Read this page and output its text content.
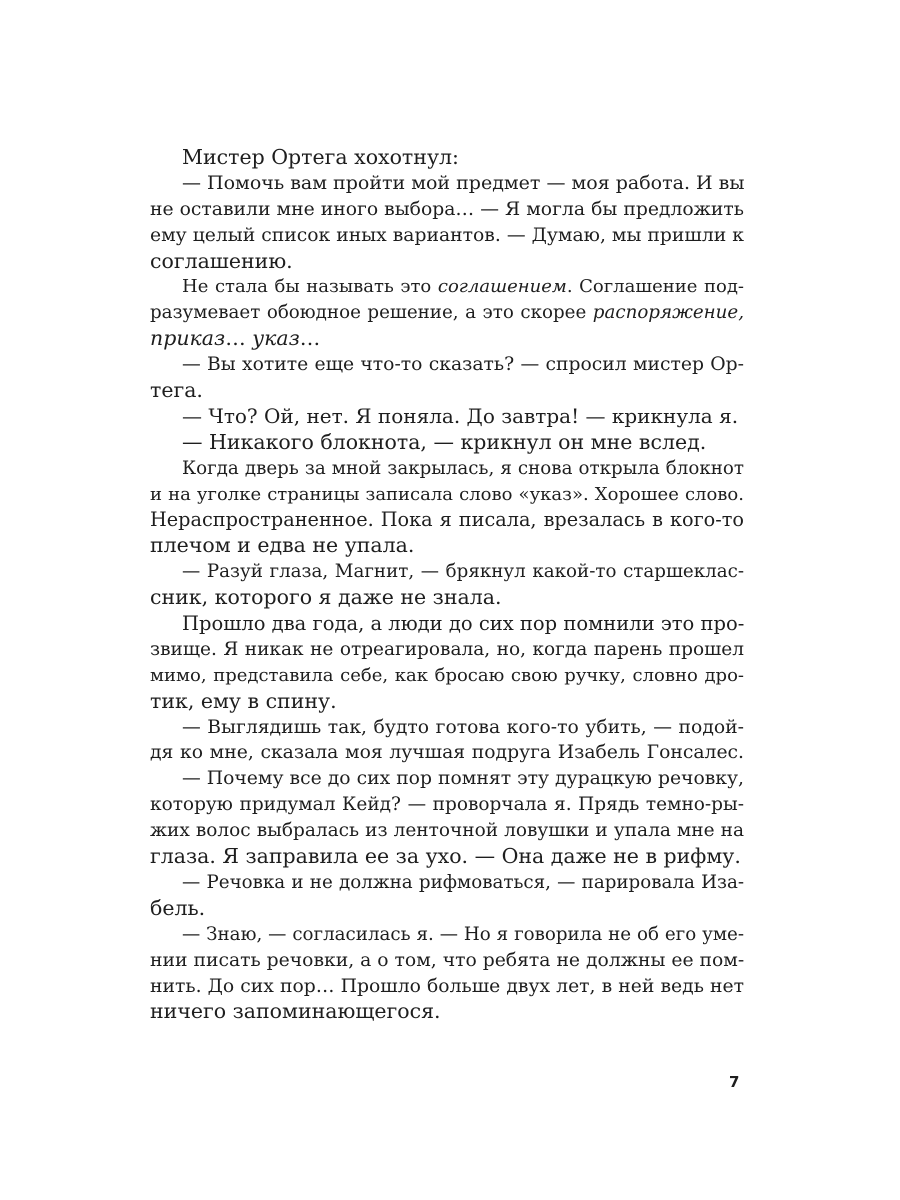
Мистер Ортега хохотнул:
— Помочь вам пройти мой предмет — моя работа. И вы
не оставили мне иного выбора… — Я могла бы предложить
ему целый список иных вариантов. — Думаю, мы пришли к
соглашению.
Не стала бы называть это соглашением. Соглашение под-
разумевает обоюдное решение, а это скорее распоряжение,
приказ… указ…
— Вы хотите еще что-то сказать? — спросил мистер Ор-
тега.
— Что? Ой, нет. Я поняла. До завтра! — крикнула я.
— Никакого блокнота, — крикнул он мне вслед.
Когда дверь за мной закрылась, я снова открыла блокнот
и на уголке страницы записала слово «указ». Хорошее слово.
Нераспространенное. Пока я писала, врезалась в кого-то
плечом и едва не упала.
— Разуй глаза, Магнит, — брякнул какой-то старшеклас-
сник, которого я даже не знала.
Прошло два года, а люди до сих пор помнили это про-
звище. Я никак не отреагировала, но, когда парень прошел
мимо, представила себе, как бросаю свою ручку, словно дро-
тик, ему в спину.
— Выглядишь так, будто готова кого-то убить, — подой-
дя ко мне, сказала моя лучшая подруга Изабель Гонсалес.
— Почему все до сих пор помнят эту дурацкую речовку,
которую придумал Кейд? — проворчала я. Прядь темно-ры-
жих волос выбралась из ленточной ловушки и упала мне на
глаза. Я заправила ее за ухо. — Она даже не в рифму.
— Речовка и не должна рифмоваться, — парировала Иза-
бель.
— Знаю, — согласилась я. — Но я говорила не об его уме-
нии писать речовки, а о том, что ребята не должны ее пом-
нить. До сих пор… Прошло больше двух лет, в ней ведь нет
ничего запоминающегося.
7
